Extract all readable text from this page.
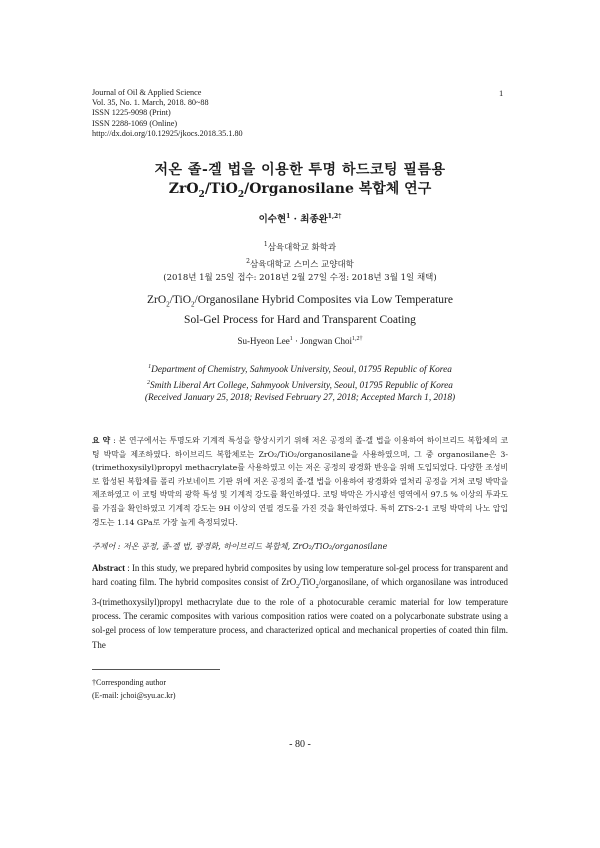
Journal of Oil & Applied Science
Vol. 35, No. 1. March, 2018. 80~88
ISSN 1225-9098 (Print)
ISSN 2288-1069 (Online)
http://dx.doi.org/10.12925/jkocs.2018.35.1.80
1
저온 졸-겔 법을 이용한 투명 하드코팅 필름용
ZrO$_2$/TiO$_2$/Organosilane 복합체 연구
이수현$^1$ · 최종완$^{1,2\dagger}$
$^1$삼육대학교 화학과
$^2$삼육대학교 스미스 교양대학
(2018년 1월 25일 접수: 2018년 2월 27일 수정: 2018년 3월 1일 채택)
ZrO$_2$/TiO$_2$/Organosilane Hybrid Composites via Low Temperature
Sol-Gel Process for Hard and Transparent Coating
Su-Hyeon Lee$^1$ · Jongwan Choi$^{1,2\dagger}$
$^1$Department of Chemistry, Sahmyook University, Seoul, 01795 Republic of Korea
$^2$Smith Liberal Art College, Sahmyook University, Seoul, 01795 Republic of Korea
(Received January 25, 2018; Revised February 27, 2018; Accepted March 1, 2018)
요 약 : 본 연구에서는 투명도와 기계적 특성을 향상시키기 위해 저온 공정의 졸-겔 법을 이용하여 하이브리드 복합체의 코팅 박막을 제조하였다. 하이브리드 복합체로는 ZrO₂/TiO₂/organosilane을 사용하였으며, 그 중 organosilane은 3-(trimethoxysilyl)propyl methacrylate를 사용하였고 이는 저온 공정의 광경화 반응을 위해 도입되었다. 다양한 조성비로 합성된 복합체를 폴리 카보네이트 기판 위에 저온 공정의 졸-겔 법을 이용하여 광경화와 열처리 공정을 거쳐 코팅 박막을 제조하였고 이 코팅 박막의 광학 특성 및 기계적 강도를 확인하였다. 코팅 박막은 가시광선 영역에서 97.5 % 이상의 투과도를 가짐을 확인하였고 기계적 강도는 9H 이상의 연필 경도를 가진 것을 확인하였다. 특히 ZTS-2-1 코팅 박막의 나노 압입 경도는 1.14 GPa로 가장 높게 측정되었다.
주제어 : 저온 공정, 졸-겔 법, 광경화, 하이브리드 복합체, ZrO₂/TiO₂/organosilane
Abstract : In this study, we prepared hybrid composites by using low temperature sol-gel process for transparent and hard coating film. The hybrid composites consist of ZrO$_2$/TiO$_2$/organosilane, of which organosilane was introduced 3-(trimethoxysilyl)propyl methacrylate due to the role of a photocurable ceramic material for low temperature process. The ceramic composites with various composition ratios were coated on a polycarbonate substrate using a sol-gel process of low temperature process, and characterized optical and mechanical properties of coated thin film. The
†Corresponding author
(E-mail: jchoi@syu.ac.kr)
- 80 -
